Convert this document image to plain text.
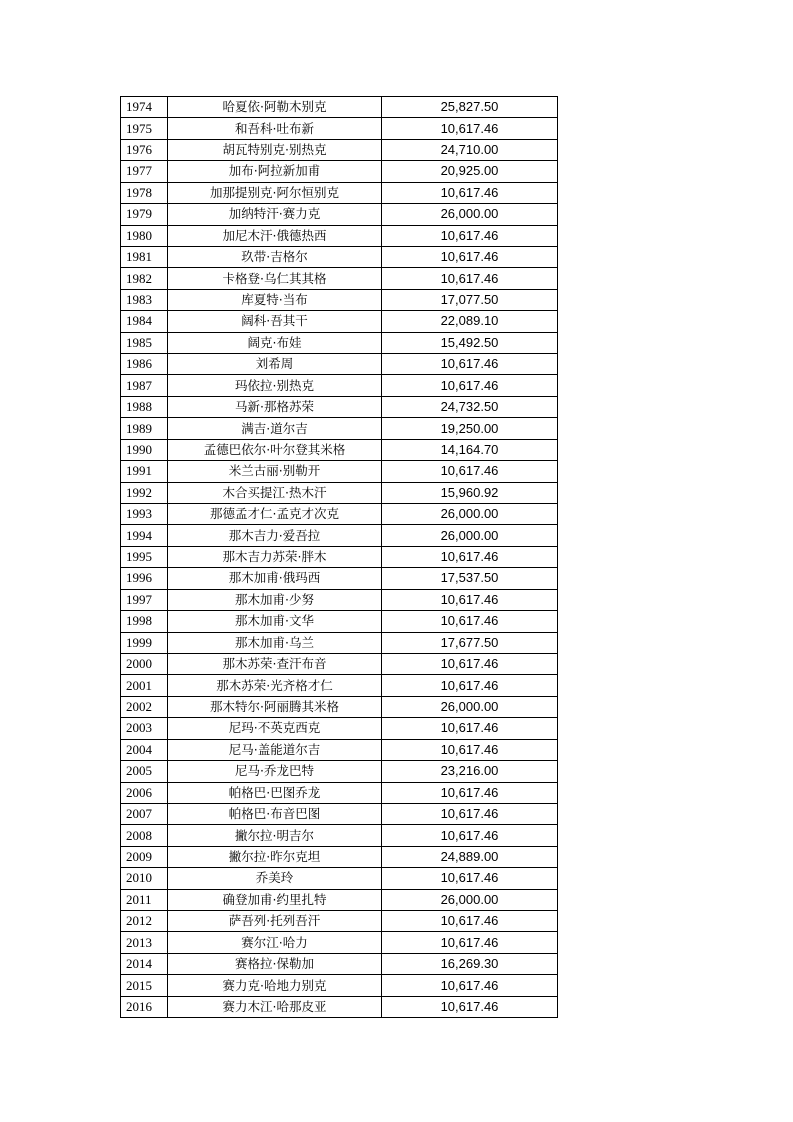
1974	哈夏依·阿勒木别克	25,827.50
1975	和吾科·吐布新	10,617.46
1976	胡瓦特别克·别热克	24,710.00
1977	加布·阿拉新加甫	20,925.00
1978	加那提别克·阿尔恒别克	10,617.46
1979	加纳特汗·赛力克	26,000.00
1980	加尼木汗·俄德热西	10,617.46
1981	玖带·吉格尔	10,617.46
1982	卡格登·乌仁其其格	10,617.46
1983	库夏特·当布	17,077.50
1984	阔科·吾其干	22,089.10
1985	阔克·布娃	15,492.50
1986	刘希周	10,617.46
1987	玛依拉·别热克	10,617.46
1988	马新·那格苏荣	24,732.50
1989	满吉·道尔吉	19,250.00
1990	孟德巴依尔·叶尔登其米格	14,164.70
1991	米兰古丽·别勒开	10,617.46
1992	木合买提江·热木汗	15,960.92
1993	那德孟才仁·孟克才次克	26,000.00
1994	那木吉力·爱吾拉	26,000.00
1995	那木吉力苏荣·胖木	10,617.46
1996	那木加甫·俄玛西	17,537.50
1997	那木加甫·少努	10,617.46
1998	那木加甫·文华	10,617.46
1999	那木加甫·乌兰	17,677.50
2000	那木苏荣·查汗布音	10,617.46
2001	那木苏荣·光齐格才仁	10,617.46
2002	那木特尔·阿丽腾其米格	26,000.00
2003	尼玛·不英克西克	10,617.46
2004	尼马·盖能道尔吉	10,617.46
2005	尼马·乔龙巴特	23,216.00
2006	帕格巴·巴图乔龙	10,617.46
2007	帕格巴·布音巴图	10,617.46
2008	撇尔拉·明吉尔	10,617.46
2009	撇尔拉·昨尔克坦	24,889.00
2010	乔美玲	10,617.46
2011	确登加甫·约里扎特	26,000.00
2012	萨吾列·托列吾汗	10,617.46
2013	赛尔江·哈力	10,617.46
2014	赛格拉·保勒加	16,269.30
2015	赛力克·哈地力别克	10,617.46
2016	赛力木江·哈那皮亚	10,617.46
